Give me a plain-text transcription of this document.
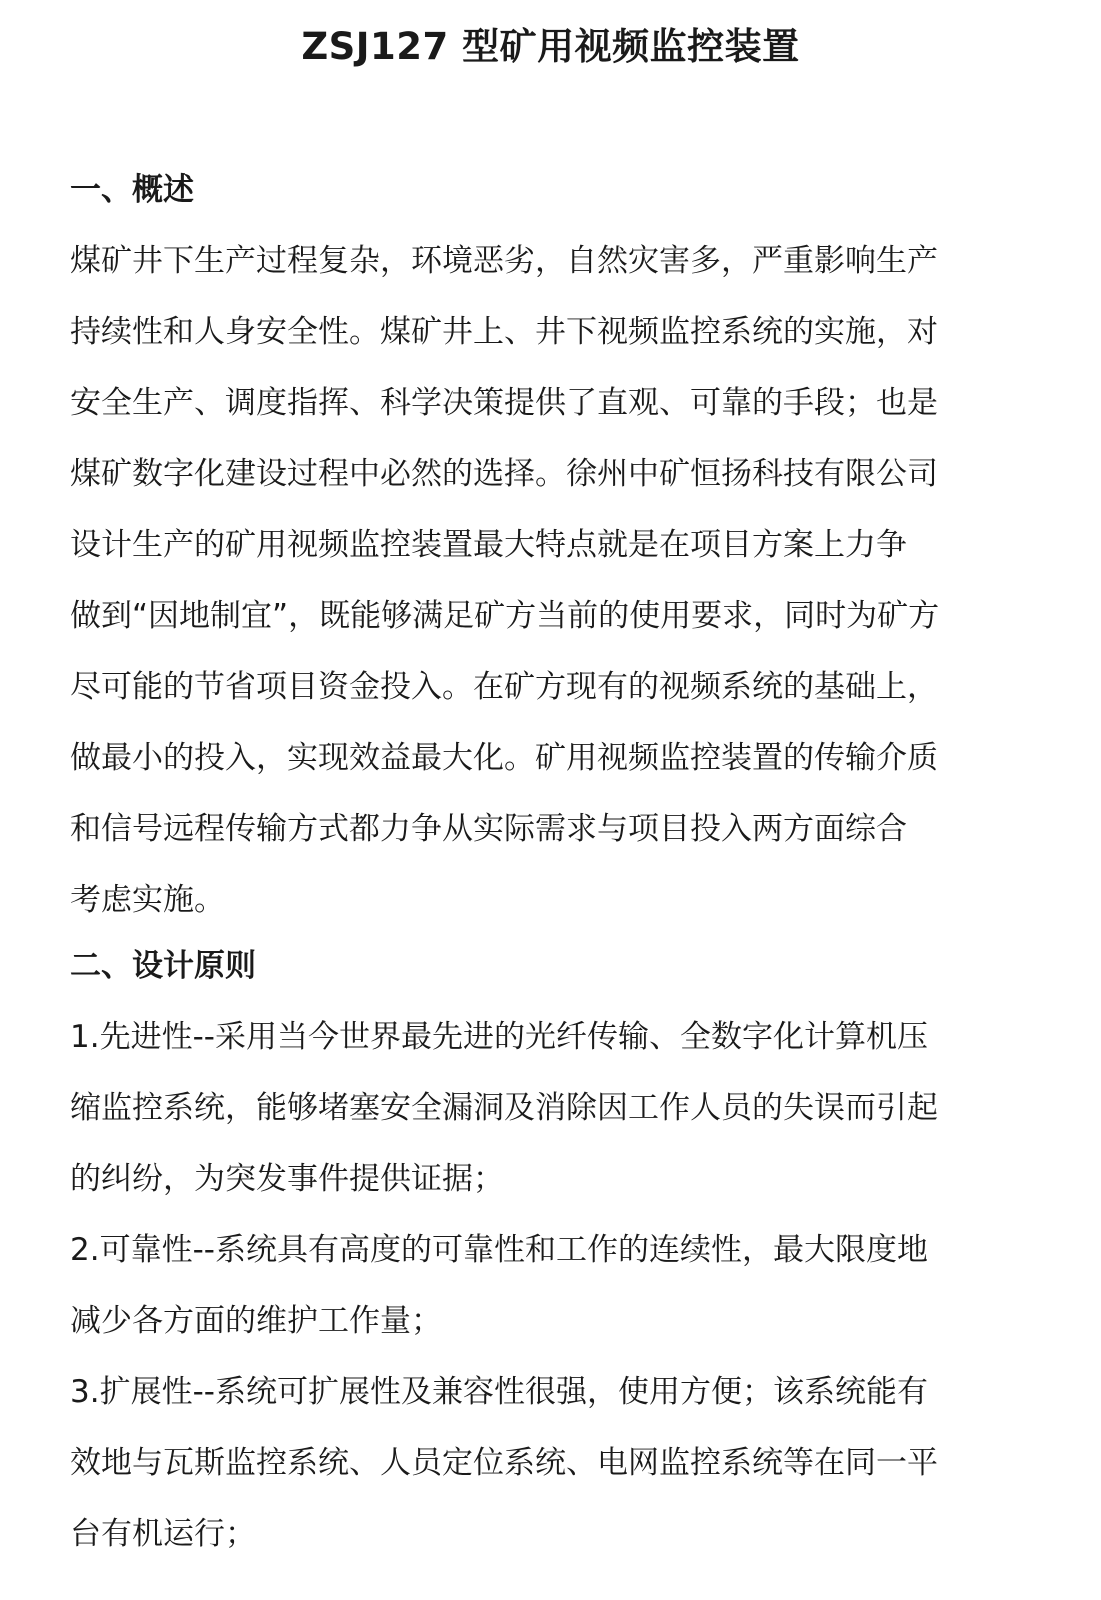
ZSJ127 型矿用视频监控装置
一、概述

煤矿井下生产过程复杂，环境恶劣，自然灾害多，严重影响生产

持续性和人身安全性。煤矿井上、井下视频监控系统的实施，对

安全生产、调度指挥、科学决策提供了直观、可靠的手段；也是

煤矿数字化建设过程中必然的选择。徐州中矿恒扬科技有限公司

设计生产的矿用视频监控装置最大特点就是在项目方案上力争

做到“因地制宜”，既能够满足矿方当前的使用要求，同时为矿方

尽可能的节省项目资金投入。在矿方现有的视频系统的基础上，

做最小的投入，实现效益最大化。矿用视频监控装置的传输介质

和信号远程传输方式都力争从实际需求与项目投入两方面综合

考虑实施。

二、设计原则

1.先进性--采用当今世界最先进的光纤传输、全数字化计算机压

缩监控系统，能够堵塞安全漏洞及消除因工作人员的失误而引起

的纠纷，为突发事件提供证据；

2.可靠性--系统具有高度的可靠性和工作的连续性，最大限度地

减少各方面的维护工作量；

3.扩展性--系统可扩展性及兼容性很强，使用方便；该系统能有

效地与瓦斯监控系统、人员定位系统、电网监控系统等在同一平

台有机运行；
